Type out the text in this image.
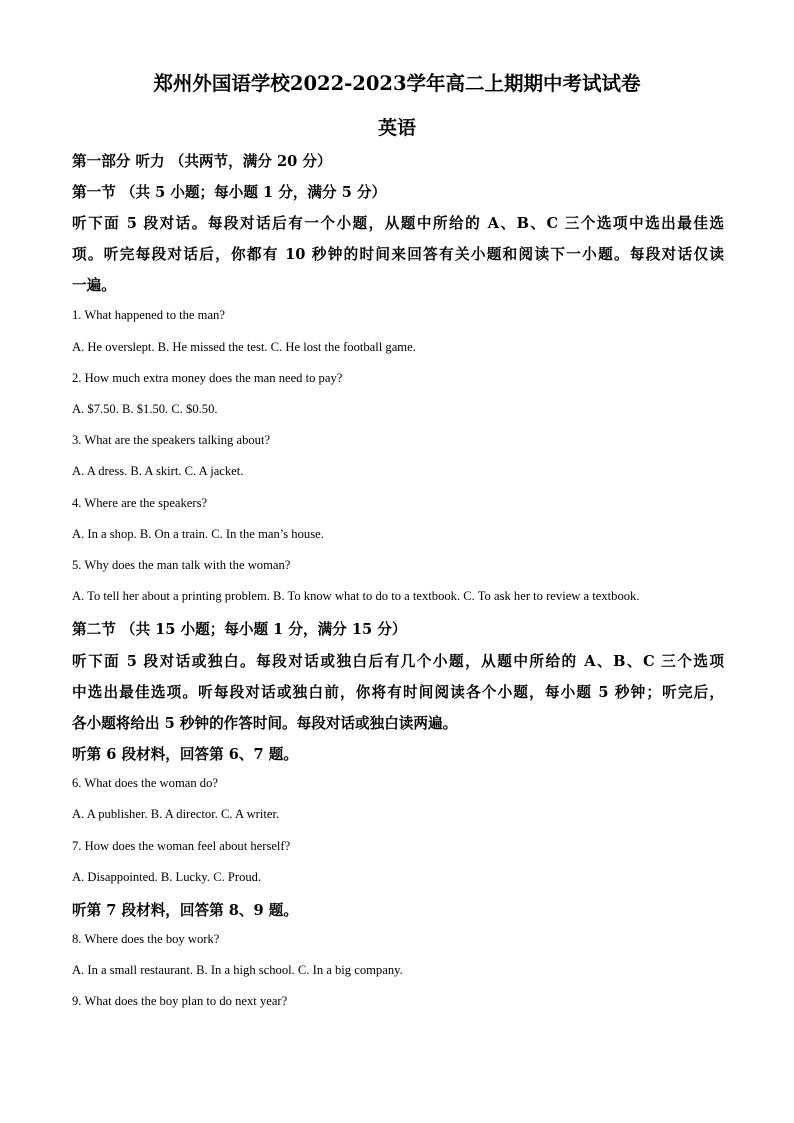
郑州外国语学校2022-2023学年高二上期期中考试试卷
英语
第一部分 听力 （共两节，满分 20 分）
第一节 （共 5 小题；每小题 1 分，满分 5 分）
听下面 5 段对话。每段对话后有一个小题，从题中所给的 A、B、C 三个选项中选出最佳选
项。听完每段对话后，你都有 10 秒钟的时间来回答有关小题和阅读下一小题。每段对话仅读
一遍。
1. What happened to the man?
A. He overslept. B. He missed the test. C. He lost the football game.
2. How much extra money does the man need to pay?
A. $7.50. B. $1.50. C. $0.50.
3. What are the speakers talking about?
A. A dress. B. A skirt. C. A jacket.
4. Where are the speakers?
A. In a shop. B. On a train. C. In the man’s house.
5. Why does the man talk with the woman?
A. To tell her about a printing problem. B. To know what to do to a textbook. C. To ask her to review a textbook.
第二节 （共 15 小题；每小题 1 分，满分 15 分）
听下面 5 段对话或独白。每段对话或独白后有几个小题，从题中所给的 A、B、C 三个选项
中选出最佳选项。听每段对话或独白前，你将有时间阅读各个小题，每小题 5 秒钟；听完后，
各小题将给出 5 秒钟的作答时间。每段对话或独白读两遍。
听第 6 段材料，回答第 6、7 题。
6. What does the woman do?
A. A publisher. B. A director. C. A writer.
7. How does the woman feel about herself?
A. Disappointed. B. Lucky. C. Proud.
听第 7 段材料，回答第 8、9 题。
8. Where does the boy work?
A. In a small restaurant. B. In a high school. C. In a big company.
9. What does the boy plan to do next year?
